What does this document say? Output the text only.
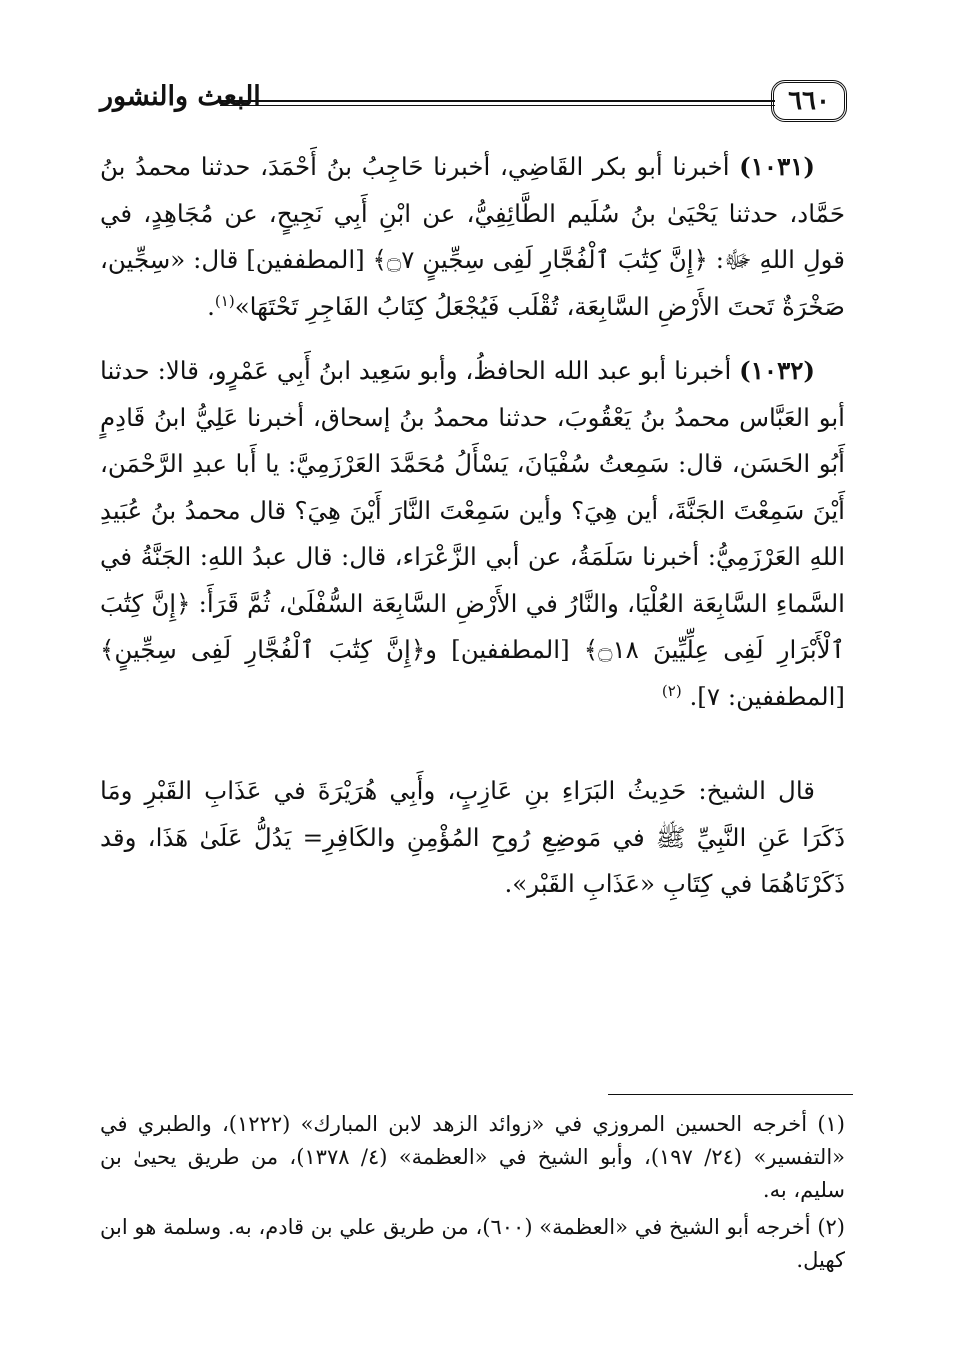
٦٦٠
البعث والنشور

(١٠٣١) أخبرنا أبو بكر القَاضِي، أخبرنا حَاجِبُ بنُ أَحْمَدَ، حدثنا محمدُ بنُ حَمَّاد، حدثنا يَحْيَىٰ بنُ سُلَيم الطَّائِفِيُّ، عن ابْنِ أَبِي نَجِيحٍ، عن مُجَاهِدٍ، في قولِ اللهِ ﷻ: ﴿إِنَّ كِتَٰبَ ٱلْفُجَّارِ لَفِى سِجِّينٍ ۝٧﴾ [المطففين] قال: «سِجِّين، صَخْرَةٌ تَحتَ الأَرْضِ السَّابِعَة، تُقْلَب فَيُجْعَلُ كِتَابُ الفَاجِرِ تَحْتَهَا»$^{(١)}$.

(١٠٣٢) أخبرنا أبو عبد الله الحافظُ، وأبو سَعِيد ابنُ أَبِي عَمْرٍو، قالا: حدثنا أبو العَبَّاس محمدُ بنُ يَعْقُوبَ، حدثنا محمدُ بنُ إسحاق، أخبرنا عَلِيُّ ابنُ قَادِمٍ أَبُو الحَسَن، قال: سَمِعتُ سُفْيَانَ، يَسْأَلُ مُحَمَّدَ العَرْزَمِيَّ: يا أَبا عبدِ الرَّحْمَن، أَيْنَ سَمِعْتَ الجَنَّةَ، أين هِيَ؟ وأين سَمِعْتَ النَّارَ أَيْنَ هِيَ؟ قال محمدُ بنُ عُبَيدِ اللهِ العَرْزَمِيُّ: أخبرنا سَلَمَةُ، عن أبي الزَّعْرَاء، قال: قال عبدُ اللهِ: الجَنَّةُ في السَّماءِ السَّابِعَة العُلْيَا، والنَّارُ في الأَرْضِ السَّابِعَة السُّفْلَىٰ، ثُمَّ قَرَأَ: ﴿إِنَّ كِتَٰبَ ٱلْأَبْرَارِ لَفِى عِلِّيِّينَ ۝١٨﴾ [المطففين] و﴿إِنَّ كِتَٰبَ ٱلْفُجَّارِ لَفِى سِجِّينٍ﴾ [المطففين: ٧]. $^{(٢)}$

قال الشيخ: حَدِيثُ البَرَاءِ بنِ عَازِبٍ، وأَبِي هُرَيْرَةَ في عَذَابِ القَبْرِ ومَا ذَكَرَا عَنِ النَّبِيِّ ﷺ في مَوضِعِ رُوحِ المُؤْمِنِ والكَافِرِ= يَدُلُّ عَلَىٰ هَذَا، وقد ذَكَرْنَاهُمَا في كِتَابِ «عَذَابِ القَبْر».

(١) أخرجه الحسين المروزي في «زوائد الزهد لابن المبارك» (١٢٢٢)، والطبري في «التفسير» (٢٤/ ١٩٧)، وأبو الشيخ في «العظمة» (٤/ ١٣٧٨)، من طريق يحيىٰ بن سليم، به.

(٢) أخرجه أبو الشيخ في «العظمة» (٦٠٠)، من طريق علي بن قادم، به. وسلمة هو ابن كهيل.
